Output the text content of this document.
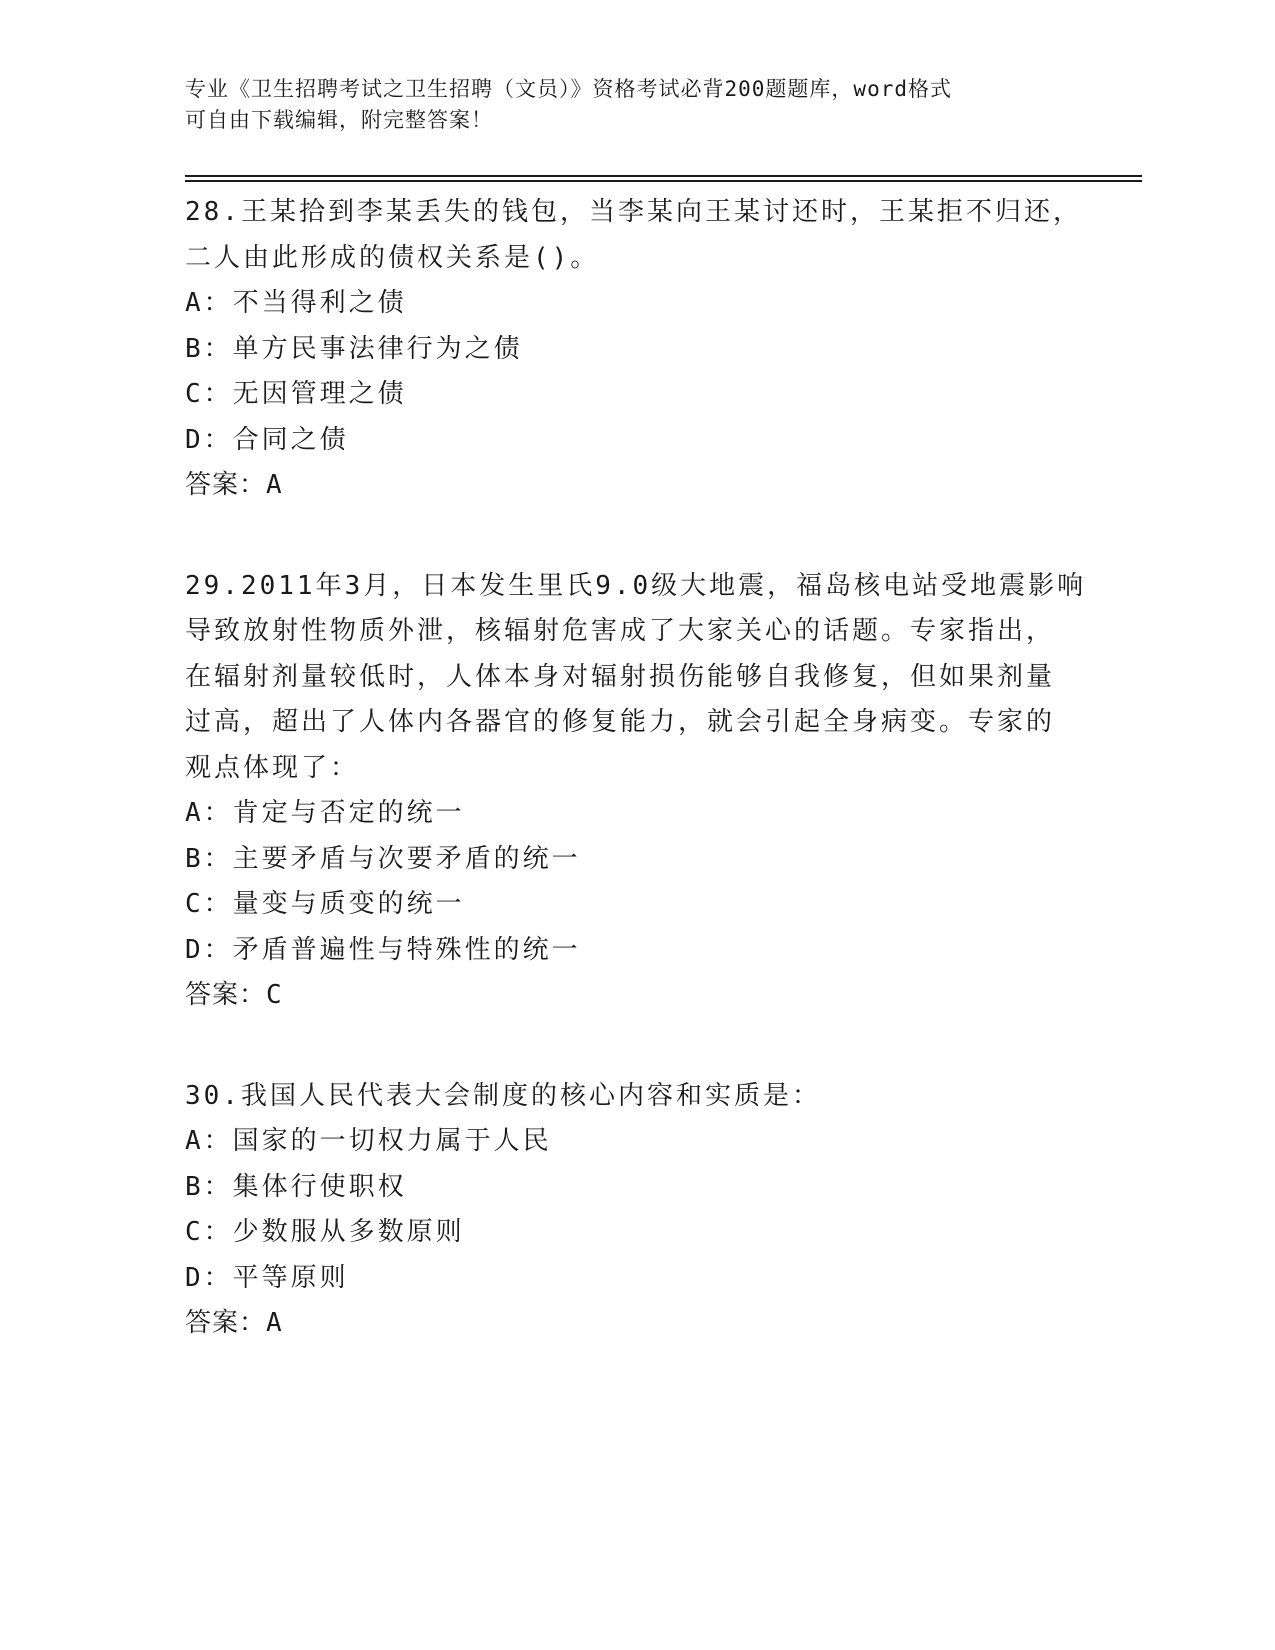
专业《卫生招聘考试之卫生招聘（文员）》资格考试必背200题题库，word格式
可自由下载编辑，附完整答案！
28.王某拾到李某丢失的钱包，当李某向王某讨还时，王某拒不归还，
二人由此形成的债权关系是()。
A：不当得利之债
B：单方民事法律行为之债
C：无因管理之债
D：合同之债
答案：A
29.2011年3月，日本发生里氏9.0级大地震，福岛核电站受地震影响
导致放射性物质外泄，核辐射危害成了大家关心的话题。专家指出，
在辐射剂量较低时，人体本身对辐射损伤能够自我修复，但如果剂量
过高，超出了人体内各器官的修复能力，就会引起全身病变。专家的
观点体现了：
A：肯定与否定的统一
B：主要矛盾与次要矛盾的统一
C：量变与质变的统一
D：矛盾普遍性与特殊性的统一
答案：C
30.我国人民代表大会制度的核心内容和实质是：
A：国家的一切权力属于人民
B：集体行使职权
C：少数服从多数原则
D：平等原则
答案：A
